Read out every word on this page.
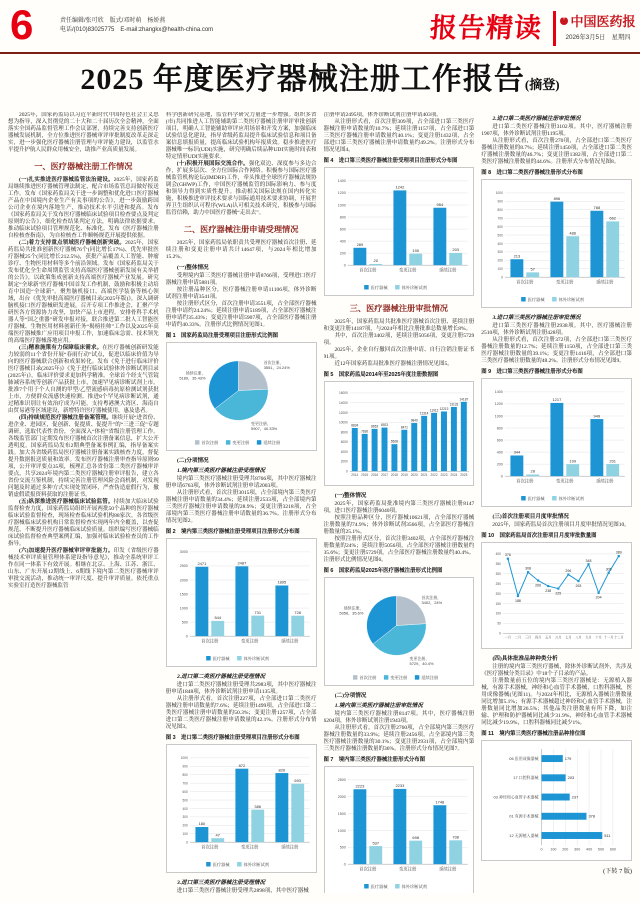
6	责任编辑/张可欣　版式/邓时萌　杨娇燕
电话/(010)83025775　E-mail:zhangkx@health-china.com	报告精读 +	中国医药报
2026年3月5日　星期四
2025 年度医疗器械注册工作报告(摘登)

2025年，国家药监局以习近平新时代中国特色社会主义思想为指导，深入贯彻党的二十大和二十届历次全会精神，全面落实全国药品监督管理工作会议部署，持续完善支持创新医疗器械发展机制，全方位推进医疗器械审评审批制度改革走深走实，进一步强化医疗器械注册管理与审评能力建设，以监管水平提升护航人民群众用械安全，助推产业高质量发展。

一、医疗器械注册工作情况

(一)扎实推进医疗器械监管法治建设。2025年，国家药监局继续推进医疗器械管理法制定，配合市场监管总局做好报送工作。发布《国家药监局关于进一步调整和优化进口医疗器械产品在中国境内企业生产有关事项的公告》，进一步鼓励跨国公司企业在境内落地生产，推动技术水平引进和提高。发布《国家药监局关于发布医疗器械临床试验项目检查要点及判定原则的公告》，细化检查结果判定方法，明确法律依据要求，推动临床试验项目管理规范化、标准化。发布《医疗器械注册自检核查指南》，为自检核查工作顺畅规范开展提供依据。

(二)着力支持重点领域医疗器械创新突破。2025年，国家药监局共批准创新医疗器械76个(同比增长17%)、优先审批医疗器械25个(同比增长212.5%)，获批产品覆盖人工智能、肿瘤诊疗、生物医用材料等多个前沿领域。发布《国家药监局关于发布优化全生命周期监管支持高端医疗器械创新发展有关举措的公告》，以政策集成创新支持高端医疗器械产业发展。研究制定“全球新”医疗器械中国首发工作机制，鼓励和积极主动培育中国造“全球新”。聚焦脑机接口、高端医学装备等核心领域，出台《优先审批高端医疗器械目录(2025年版)》，深入调研脑机接口医疗器械研发进展，召开专项工作推进会，汇聚产学研医各方资源协力攻坚，加快产品上市进程。安排骨科手术机器人等“国之重器”研发申报对接，联合推进第二批人工智能医疗器械、生物医用材料创新任务“揭榜挂帅”工作以及2025年高端医疗器械推广应用项目申报工作，加速临床急需、技术领先的高端医疗器械落地应用。

(三)精准施策有力保障临床需求。在医疗器械创新研发能力较弱的11个省份开展“春雨行动”试点，促进以临床价值为导向的医疗器械联合创新和成果转化。发布《免于进行临床评价医疗器械目录(2025年)》《免于进行临床试验体外诊断试剂目录(2025年)》，临床评价要求更加科学精准。全球首个经支气管镜肺减容系统等创新产品获批上市，加速罕见病诊断试剂上市。批准7个用于个人自测的甲型/乙型流感病毒抗原检测试剂获批上市，方便群众流感快速检测。推进8个罕见病诊断试剂，通过精准识别让有效治疗成为可能。支持粤港澳大湾区、海南自由贸易港等区域建设，新增特许医疗器械使用，惠及患者。

(四)持续规范医疗器械注册备案管理。继续开展“进省份、进企业、进园区，促创新、促提质、促提升”的“三进三促”专题调研，选取代表性省份，全面深入“体检”省级注册管理工作。各级监管部门定期发布医疗器械首次注册备案信息，扩大公开透明度。国家药监局发布2期典型备案事例汇编，指导备案实践。加大各省级药监局医疗器械注册备案实践核查力度，督促提升数据报送质量和效率。发布医疗器械注册审查指导原则99项，公开审评要点35项，梳理汇总各省份第二类医疗器械审评要点，共享2024年境内第二类医疗器械注册审评报告，建立各省份交流互鉴机制，持续完善注册管理风险会商机制，对发现问题及时通过多种方式实现处置闭环，严查伪造虚假行为，撤销虚假谎报资料获取的注册证书。

(五)纵深推进医疗器械临床试验监管。持续加大临床试验监督检查力度，国家药监局组织开展两批50个品种的医疗器械临床试验监督检查，现场检查临床试验机构88家次。各省级医疗器械临床试验机构日常监督检查实现两年内全覆盖，以查促规范，不断提升医疗器械临床试验质量。组织编写医疗器械临床试验监督检查典型案例汇编，加强对临床试验检查员的工作指导。

(六)加速提升医疗器械审评审批能力。印发《省级医疗器械技术审评质量管理体系建设指导意见》，推动全系统审评工作在同一体系下有效开展。相继在北京、上海、江苏、浙江、山东、广东开展12期线上、6期线下境内第二类医疗器械审评审批交流活动，推动统一审评尺度、提升审评质量。依托重点实验室打造医疗器械监管

科学创新研究基地，监管科学研究力量进一步增强。组织多省(市)共同推进人工智能辅助第二类医疗器械注册审评审批创新项目，明确人工智能辅助审评应用场景和开发方案，加强临床试验信息化建设，指导省级药监局提升临床试验信息和项目备案信息填报质量，提高临床试验机构年报质效。稳步推进医疗器械唯一标识(UDI)实施，研究明确后续品种UDI实施时间表和特定情形UDI实施要求。

(十)积极开展国际交流合作。强化双边、深度参与多边合作，扩展多层次、全方位国际合作网络。积极参与国际医疗器械监管机构论坛(IMDRF)工作，牵头推进全球医疗器械法规协调会(GHWP)工作，中国医疗器械监管的国际影响力、参与度和领导力得到实质性提升。推动相关国际法规在国内转化实施，积极推进审评技术要求与国际通用技术要求协调，开展世界卫生组织认可程序(WLA)认可相关技术研究，积极参与国际监管信赖，助力中国医疗器械“走出去”。

二、医疗器械注册申请受理情况

2025年，国家药监局依职责共受理医疗器械首次注册、延续注册和变更注册申请共计14647项，与2024年相比增加15.2%。

(一)整体情况

受理境内第三类医疗器械注册申请8766项，受理进口医疗器械注册申请5881项。

按注册品种区分，医疗器械注册申请11106项，体外诊断试剂注册申请3541项。

按注册形式区分，首次注册申请3551项，占全部医疗器械注册申请约24.24%；延续注册申请5189项，占全部医疗器械注册申请约35.43%；变更注册申请5907项，占全部医疗器械注册申请约40.33%。注册形式比例情况见图1。

图 1　国家药监局注册受理项目注册形式比例图
首次注册， 3551，24.24%
变更注册， 5907，40.33%
延续注册， 5189，35.43%
首次注册	变更注册	延续注册
(二)分项情况
1.境内第三类医疗器械注册受理情况

境内第三类医疗器械注册受理共8766项，其中医疗器械注册申请6763项，体外诊断试剂注册申请2003项。

从注册形式看，首次注册3015项，占全部境内第三类医疗器械注册申请数量的34.4%；延续注册2533项，占全部境内第三类医疗器械注册申请数量的28.9%；变更注册3218项，占全部境内第三类医疗器械注册申请数量的36.7%。注册形式分布情况见图2。

图 2　境内第三类医疗器械注册受理项目注册形式分布图
0
500
1000
1500
2000
2500
3000
2471
544
首次注册
2487
731
变更注册
1805
728
延续注册
医疗器械	体外诊断试剂
2.进口第二类医疗器械注册受理情况

进口第二类医疗器械注册受理共2983项，其中医疗器械注册申请1848项，体外诊断试剂注册申请1135项。

从注册形式看，首次注册227项，占全部进口第二类医疗器械注册申请数量的7.6%；延续注册1499项，占全部进口第二类医疗器械注册申请数量的50.3%；变更注册1257项，占全部进口第二类医疗器械注册申请数量的42.1%。注册形式分布情况见图3。

图 3　进口第二类医疗器械注册受理项目注册形式分布图
0
100
200
300
400
500
600
700
800
900
1000
180
47
首次注册
872
386
变更注册
820
693
延续注册
医疗器械	体外诊断试剂
3.进口第三类医疗器械注册受理情况

进口第三类医疗器械注册受理共2898项，其中医疗器械

注册申请2495项，体外诊断试剂注册申请403项。

从注册形式看，首次注册309项，占全部进口第三类医疗器械注册申请数量的10.7%；延续注册1157项，占全部进口第三类医疗器械注册申请数量约40.1%；变更注册1432项，占全部进口第三类医疗器械注册申请数量约49.2%。注册形式分布情况见图4。

图 4　进口第三类医疗器械注册受理项目注册形式分布图
0
200
400
600
800
1000
1200
1400
289
20
首次注册
1242
190
变更注册
954
203
延续注册
医疗器械	体外诊断试剂
三、医疗器械注册审批情况

2025年，国家药监局共批准医疗器械首次注册、延续注册和变更注册14187项，与2024年相比注册批准总数量增长8%。

其中，首次注册3402项，延续注册5056项，变更注册5729项。

2025年，企业自行撤回首次注册申请、自行注销注册证书91项。

近12年国家药监局批准医疗器械注册情况见图5。

图 5　国家药监局2014年至2025年度注册数据图
0
2000
4000
6000
8000
10000
12000
14000
16000
8834
2014
7630
2015
8653
2016
8923
2017
5528
2018
8471
2019
9849
2020
11314
2021
11912
2022
12213
2023
13133
2024
14187
2025
(一)整体情况

2025年，国家药监局批准境内第三类医疗器械注册8147项，进口医疗器械注册6040项。

按照注册品种区分，医疗器械10621项，占全部医疗器械注册数量的74.9%；体外诊断试剂3566项，占全部医疗器械注册数量的25.1%。

按照注册形式区分，首次注册3402项，占全部医疗器械注册数量的24%；延续注册5056项，占全部医疗器械注册数量约35.6%；变更注册5729项，占全部医疗器械注册数量约40.4%。注册形式比例情况见图6。

图 6　国家药监局2025年医疗器械注册形式比例图
首次注册， 3402，24%
变更注册， 5729，40.4%
延续注册， 5056，35.6%
首次注册	变更注册	延续注册
(二)分项情况
1.境内第三类医疗器械注册审批情况

境内第三类医疗器械注册8147项。其中，医疗器械注册6204项，体外诊断试剂注册1943项。

从注册形式看，首次注册2760项，占全部境内第三类医疗器械注册数量的33.9%；延续注册2456项，占全部境内第三类医疗器械注册数量的30.1%；变更注册2931项，占全部境内第三类医疗器械注册数量的36%。注册形式分布情况见图7。

图 7　境内第三类医疗器械注册形式分布图
0
500
1000
1500
2000
2500
2223
537
首次注册
2233
698
变更注册
1748
708
延续注册
医疗器械	体外诊断试剂
2.进口第二类医疗器械注册审批情况

进口第二类医疗器械注册3102项。其中，医疗器械注册1907项，体外诊断试剂注册1195项。

从注册形式看，首次注册270项，占全部进口第二类医疗器械注册数量的8.7%；延续注册1450项，占全部进口第二类医疗器械注册数量的46.7%；变更注册1382项，占全部进口第二类医疗器械注册数量的44.6%。注册形式分布情况见图8。

图 8　进口第二类医疗器械注册形式分布图
0
100
200
300
400
500
600
700
800
900
1000
213
57
首次注册
896
486
变更注册
788
662
延续注册
医疗器械	体外诊断试剂
3.进口第三类医疗器械注册审批情况

进口第三类医疗器械注册2938项。其中，医疗器械注册2510项，体外诊断试剂注册428项。

从注册形式看，首次注册372项，占全部进口第三类医疗器械注册数量的12.7%；延续注册1150项，占全部进口第三类医疗器械注册数量的39.1%；变更注册1416项，占全部进口第三类医疗器械注册数量的48.2%。注册形式分布情况见图9。

图 9　进口第三类医疗器械注册形式分布图
0
200
400
600
800
1000
1200
1400
344
28
首次注册
1217
199
变更注册
949
201
延续注册
医疗器械	体外诊断试剂
(三)首次注册项目月度审批情况

2025年，国家药监局首次注册项目月度审批情况见图10。

图 10　国家药监局首次注册项目月度审批数量图
0
50
100
150
200
250
300
350
400 376
一月
188
二月
308
三月
266
四月
238
五月
225
六月
296
七月
263
八月
348
九月
204
十月
305
十一月
389
十二月
(四)具体批准品种种类分析

注册的境内第三类医疗器械，除体外诊断试剂外，共涉及《医疗器械分类目录》中18个子目录的产品。

注册数量前五位的境内第三类医疗器械是：无源植入器械，有源手术器械，神经和心血管手术器械，口腔科器械，医用成像器械(见图11)。与2024年相比，无源植入器械注册数量同比增加5.1%；有源手术器械超过神经和心血管手术器械，注册数量同比增加26.5%；其他品类注册数量有所下降，如注输、护理和防护器械同比减少31.9%，神经和心血管手术器械同比减少19.9%，口腔科器械同比减少1%。

图 11　境内第三类医疗器械注册品种排位图
0 100 200 300 400 500 600
06 医用成像器械	179
17 口腔科器械	203
03 神经和心血管手术器械	237
01 有源手术器械	378
12 无源植入器械	511
(下转 7 版)
